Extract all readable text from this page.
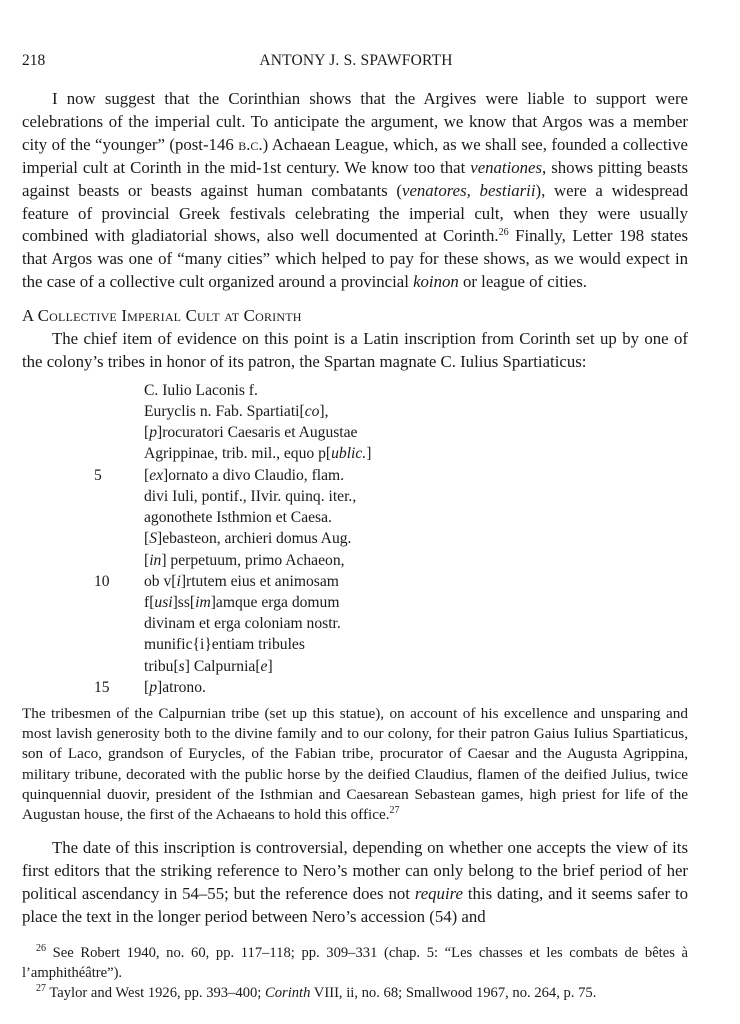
218	ANTONY J. S. SPAWFORTH

I now suggest that the Corinthian shows that the Argives were liable to support were celebrations of the imperial cult. To anticipate the argument, we know that Argos was a member city of the “younger” (post-146 b.c.) Achaean League, which, as we shall see, founded a collective imperial cult at Corinth in the mid-1st century. We know too that venationes, shows pitting beasts against beasts or beasts against human combatants (venatores, bestiarii), were a widespread feature of provincial Greek festivals celebrating the imperial cult, when they were usually combined with gladiatorial shows, also well documented at Corinth.$^{26}$ Finally, Letter 198 states that Argos was one of “many cities” which helped to pay for these shows, as we would expect in the case of a collective cult organized around a provincial koinon or league of cities.

A Collective Imperial Cult at Corinth

The chief item of evidence on this point is a Latin inscription from Corinth set up by one of the colony’s tribes in honor of its patron, the Spartan magnate C. Iulius Spartiaticus:

C. Iulio Laconis f.
Euryclis n. Fab. Spartiati[co],
[p]rocuratori Caesaris et Augustae
Agrippinae, trib. mil., equo p[ublic.]
5	[ex]ornato a divo Claudio, flam.
divi Iuli, pontif., IIvir. quinq. iter.,
agonothete Isthmion et Caesa.
[S]ebasteon, archieri domus Aug.
[in] perpetuum, primo Achaeon,
10 ob v[i]rtutem eius et animosam
f[usi]ss[im]amque erga domum
divinam et erga coloniam nostr.
munific{i}entiam tribules
tribu[s] Calpurnia[e]
15 [p]atrono.

The tribesmen of the Calpurnian tribe (set up this statue), on account of his excellence and unsparing and most lavish generosity both to the divine family and to our colony, for their patron Gaius Iulius Spartiaticus, son of Laco, grandson of Eurycles, of the Fabian tribe, procurator of Caesar and the Augusta Agrippina, military tribune, decorated with the public horse by the deified Claudius, flamen of the deified Julius, twice quinquennial duovir, president of the Isthmian and Caesarean Sebastean games, high priest for life of the Augustan house, the first of the Achaeans to hold this office.$^{27}$

The date of this inscription is controversial, depending on whether one accepts the view of its first editors that the striking reference to Nero’s mother can only belong to the brief period of her political ascendancy in 54–55; but the reference does not require this dating, and it seems safer to place the text in the longer period between Nero’s accession (54) and

$^{26}$ See Robert 1940, no. 60, pp. 117–118; pp. 309–331 (chap. 5: “Les chasses et les combats de bêtes à l’amphithéâtre”).

$^{27}$ Taylor and West 1926, pp. 393–400; Corinth VIII, ii, no. 68; Smallwood 1967, no. 264, p. 75.
